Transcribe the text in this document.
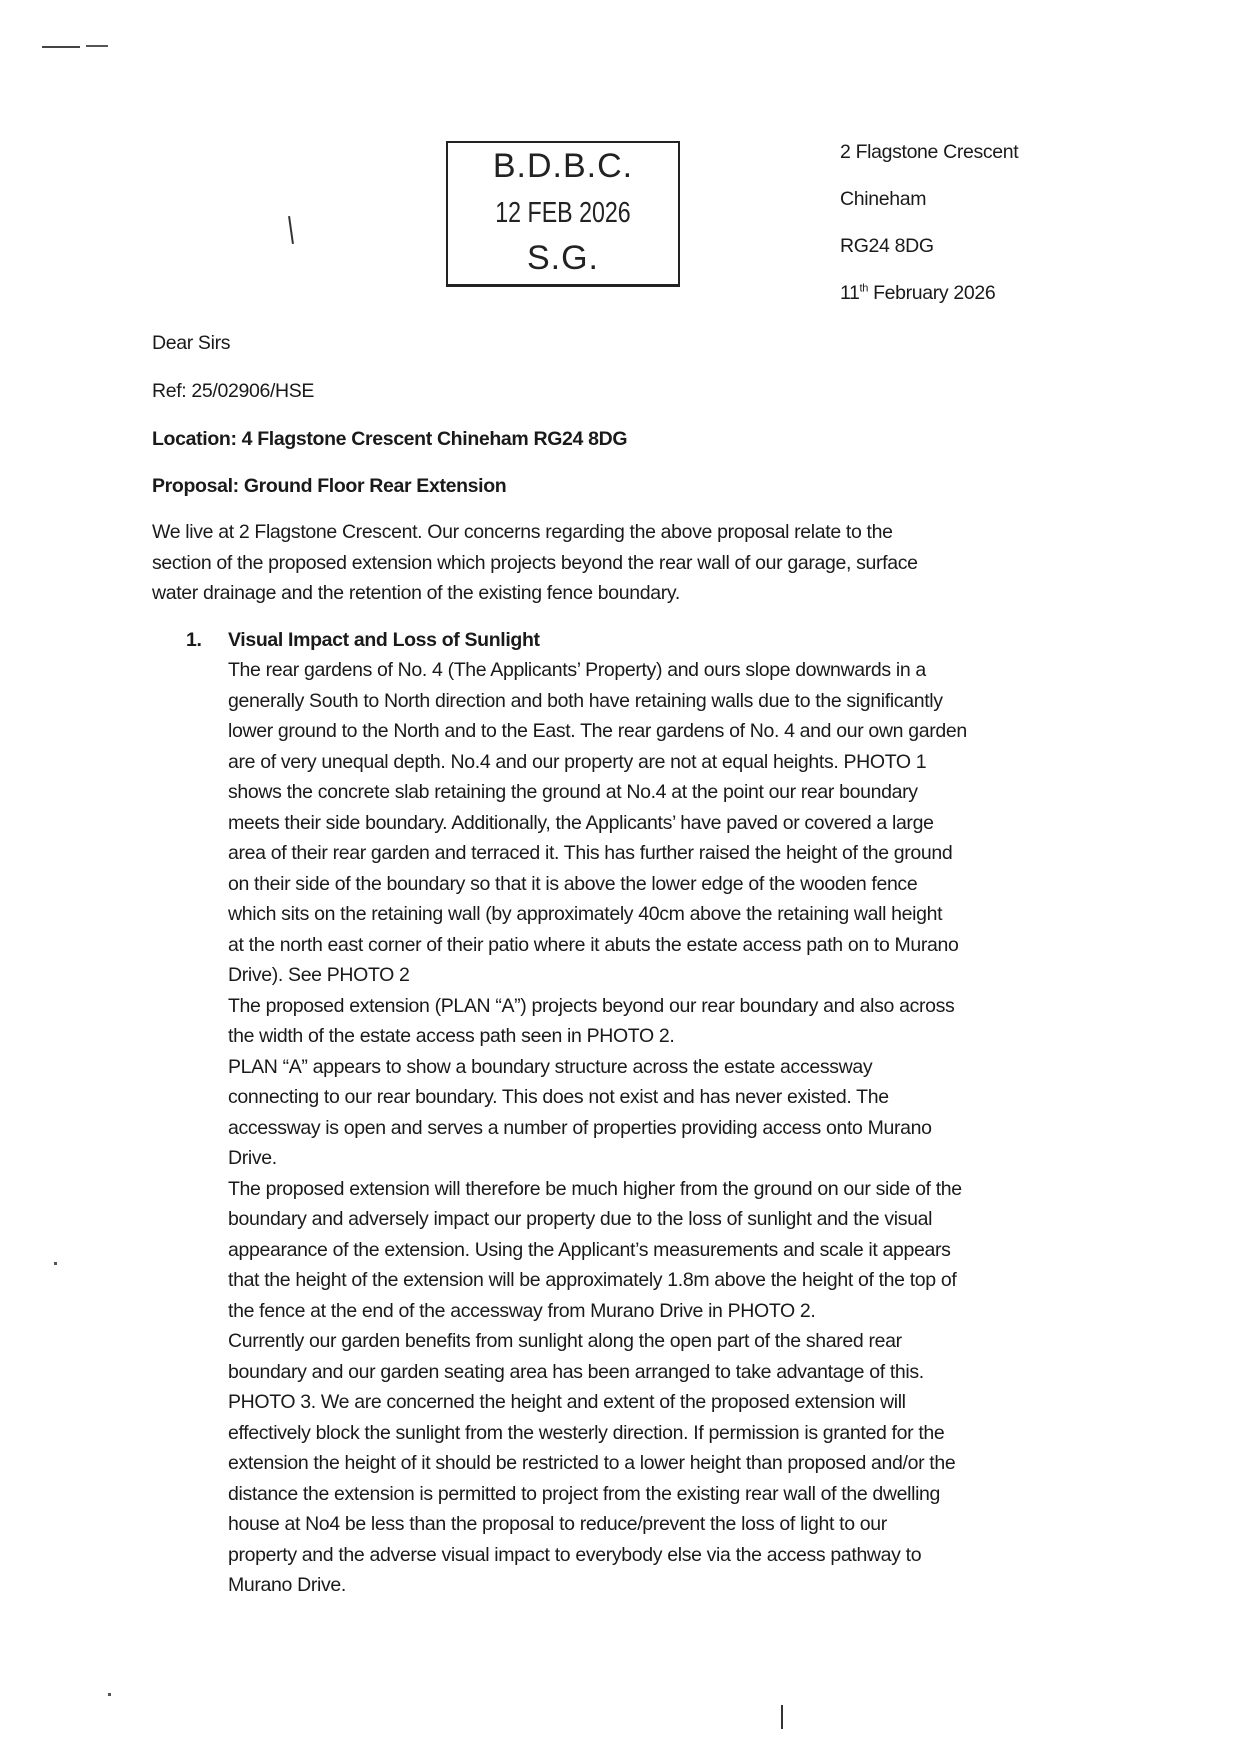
B.D.B.C.
12 FEB 2026
S.G.
2 Flagstone Crescent
Chineham
RG24 8DG
11th February 2026
Dear Sirs
Ref: 25/02906/HSE
Location: 4 Flagstone Crescent Chineham RG24 8DG
Proposal: Ground Floor Rear Extension
We live at 2 Flagstone Crescent. Our concerns regarding the above proposal relate to the
section of the proposed extension which projects beyond the rear wall of our garage, surface
water drainage and the retention of the existing fence boundary.
1. Visual Impact and Loss of Sunlight
The rear gardens of No. 4 (The Applicants’ Property) and ours slope downwards in a
generally South to North direction and both have retaining walls due to the significantly
lower ground to the North and to the East. The rear gardens of No. 4 and our own garden
are of very unequal depth. No.4 and our property are not at equal heights. PHOTO 1
shows the concrete slab retaining the ground at No.4 at the point our rear boundary
meets their side boundary. Additionally, the Applicants’ have paved or covered a large
area of their rear garden and terraced it. This has further raised the height of the ground
on their side of the boundary so that it is above the lower edge of the wooden fence
which sits on the retaining wall (by approximately 40cm above the retaining wall height
at the north east corner of their patio where it abuts the estate access path on to Murano
Drive). See PHOTO 2
The proposed extension (PLAN “A”) projects beyond our rear boundary and also across
the width of the estate access path seen in PHOTO 2.
PLAN “A” appears to show a boundary structure across the estate accessway
connecting to our rear boundary. This does not exist and has never existed. The
accessway is open and serves a number of properties providing access onto Murano
Drive.
The proposed extension will therefore be much higher from the ground on our side of the
boundary and adversely impact our property due to the loss of sunlight and the visual
appearance of the extension. Using the Applicant’s measurements and scale it appears
that the height of the extension will be approximately 1.8m above the height of the top of
the fence at the end of the accessway from Murano Drive in PHOTO 2.
Currently our garden benefits from sunlight along the open part of the shared rear
boundary and our garden seating area has been arranged to take advantage of this.
PHOTO 3. We are concerned the height and extent of the proposed extension will
effectively block the sunlight from the westerly direction. If permission is granted for the
extension the height of it should be restricted to a lower height than proposed and/or the
distance the extension is permitted to project from the existing rear wall of the dwelling
house at No4 be less than the proposal to reduce/prevent the loss of light to our
property and the adverse visual impact to everybody else via the access pathway to
Murano Drive.
